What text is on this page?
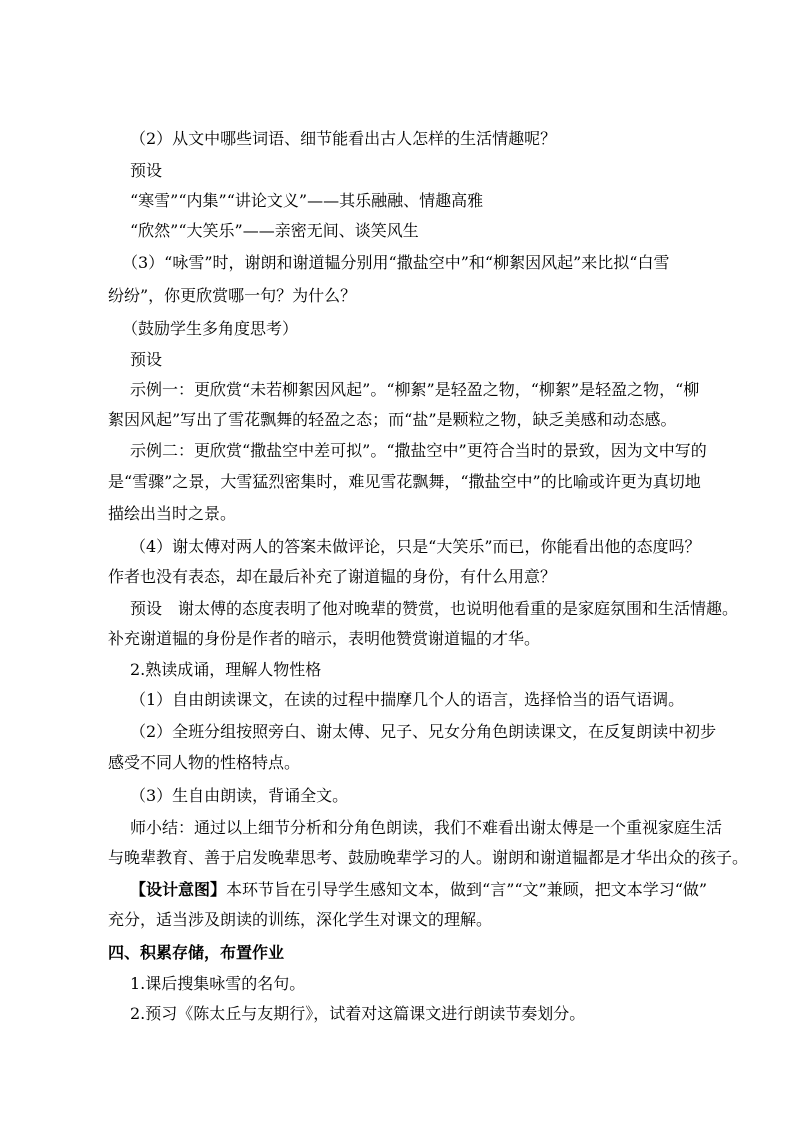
（2）从文中哪些词语、细节能看出古人怎样的生活情趣呢？
预设
“寒雪”“内集”“讲论文义”——其乐融融、情趣高雅
“欣然”“大笑乐”——亲密无间、谈笑风生
（3）“咏雪”时，谢朗和谢道韫分别用“撒盐空中”和“柳絮因风起”来比拟“白雪
纷纷”，你更欣赏哪一句？为什么？
（鼓励学生多角度思考）
预设
示例一：更欣赏“未若柳絮因风起”。“柳絮”是轻盈之物，“柳絮”是轻盈之物，“柳
絮因风起”写出了雪花飘舞的轻盈之态；而“盐”是颗粒之物，缺乏美感和动态感。
示例二：更欣赏“撒盐空中差可拟”。“撒盐空中”更符合当时的景致，因为文中写的
是“雪骤”之景，大雪猛烈密集时，难见雪花飘舞，“撒盐空中”的比喻或许更为真切地
描绘出当时之景。
（4）谢太傅对两人的答案未做评论，只是“大笑乐”而已，你能看出他的态度吗？
作者也没有表态，却在最后补充了谢道韫的身份，有什么用意？
预设　谢太傅的态度表明了他对晚辈的赞赏，也说明他看重的是家庭氛围和生活情趣。
补充谢道韫的身份是作者的暗示，表明他赞赏谢道韫的才华。
2.熟读成诵，理解人物性格
（1）自由朗读课文，在读的过程中揣摩几个人的语言，选择恰当的语气语调。
（2）全班分组按照旁白、谢太傅、兄子、兄女分角色朗读课文，在反复朗读中初步
感受不同人物的性格特点。
（3）生自由朗读，背诵全文。
师小结：通过以上细节分析和分角色朗读，我们不难看出谢太傅是一个重视家庭生活
与晚辈教育、善于启发晚辈思考、鼓励晚辈学习的人。谢朗和谢道韫都是才华出众的孩子。
【设计意图】本环节旨在引导学生感知文本，做到“言”“文”兼顾，把文本学习“做”
充分，适当涉及朗读的训练，深化学生对课文的理解。
四、积累存储，布置作业
1.课后搜集咏雪的名句。
2.预习《陈太丘与友期行》，试着对这篇课文进行朗读节奏划分。
